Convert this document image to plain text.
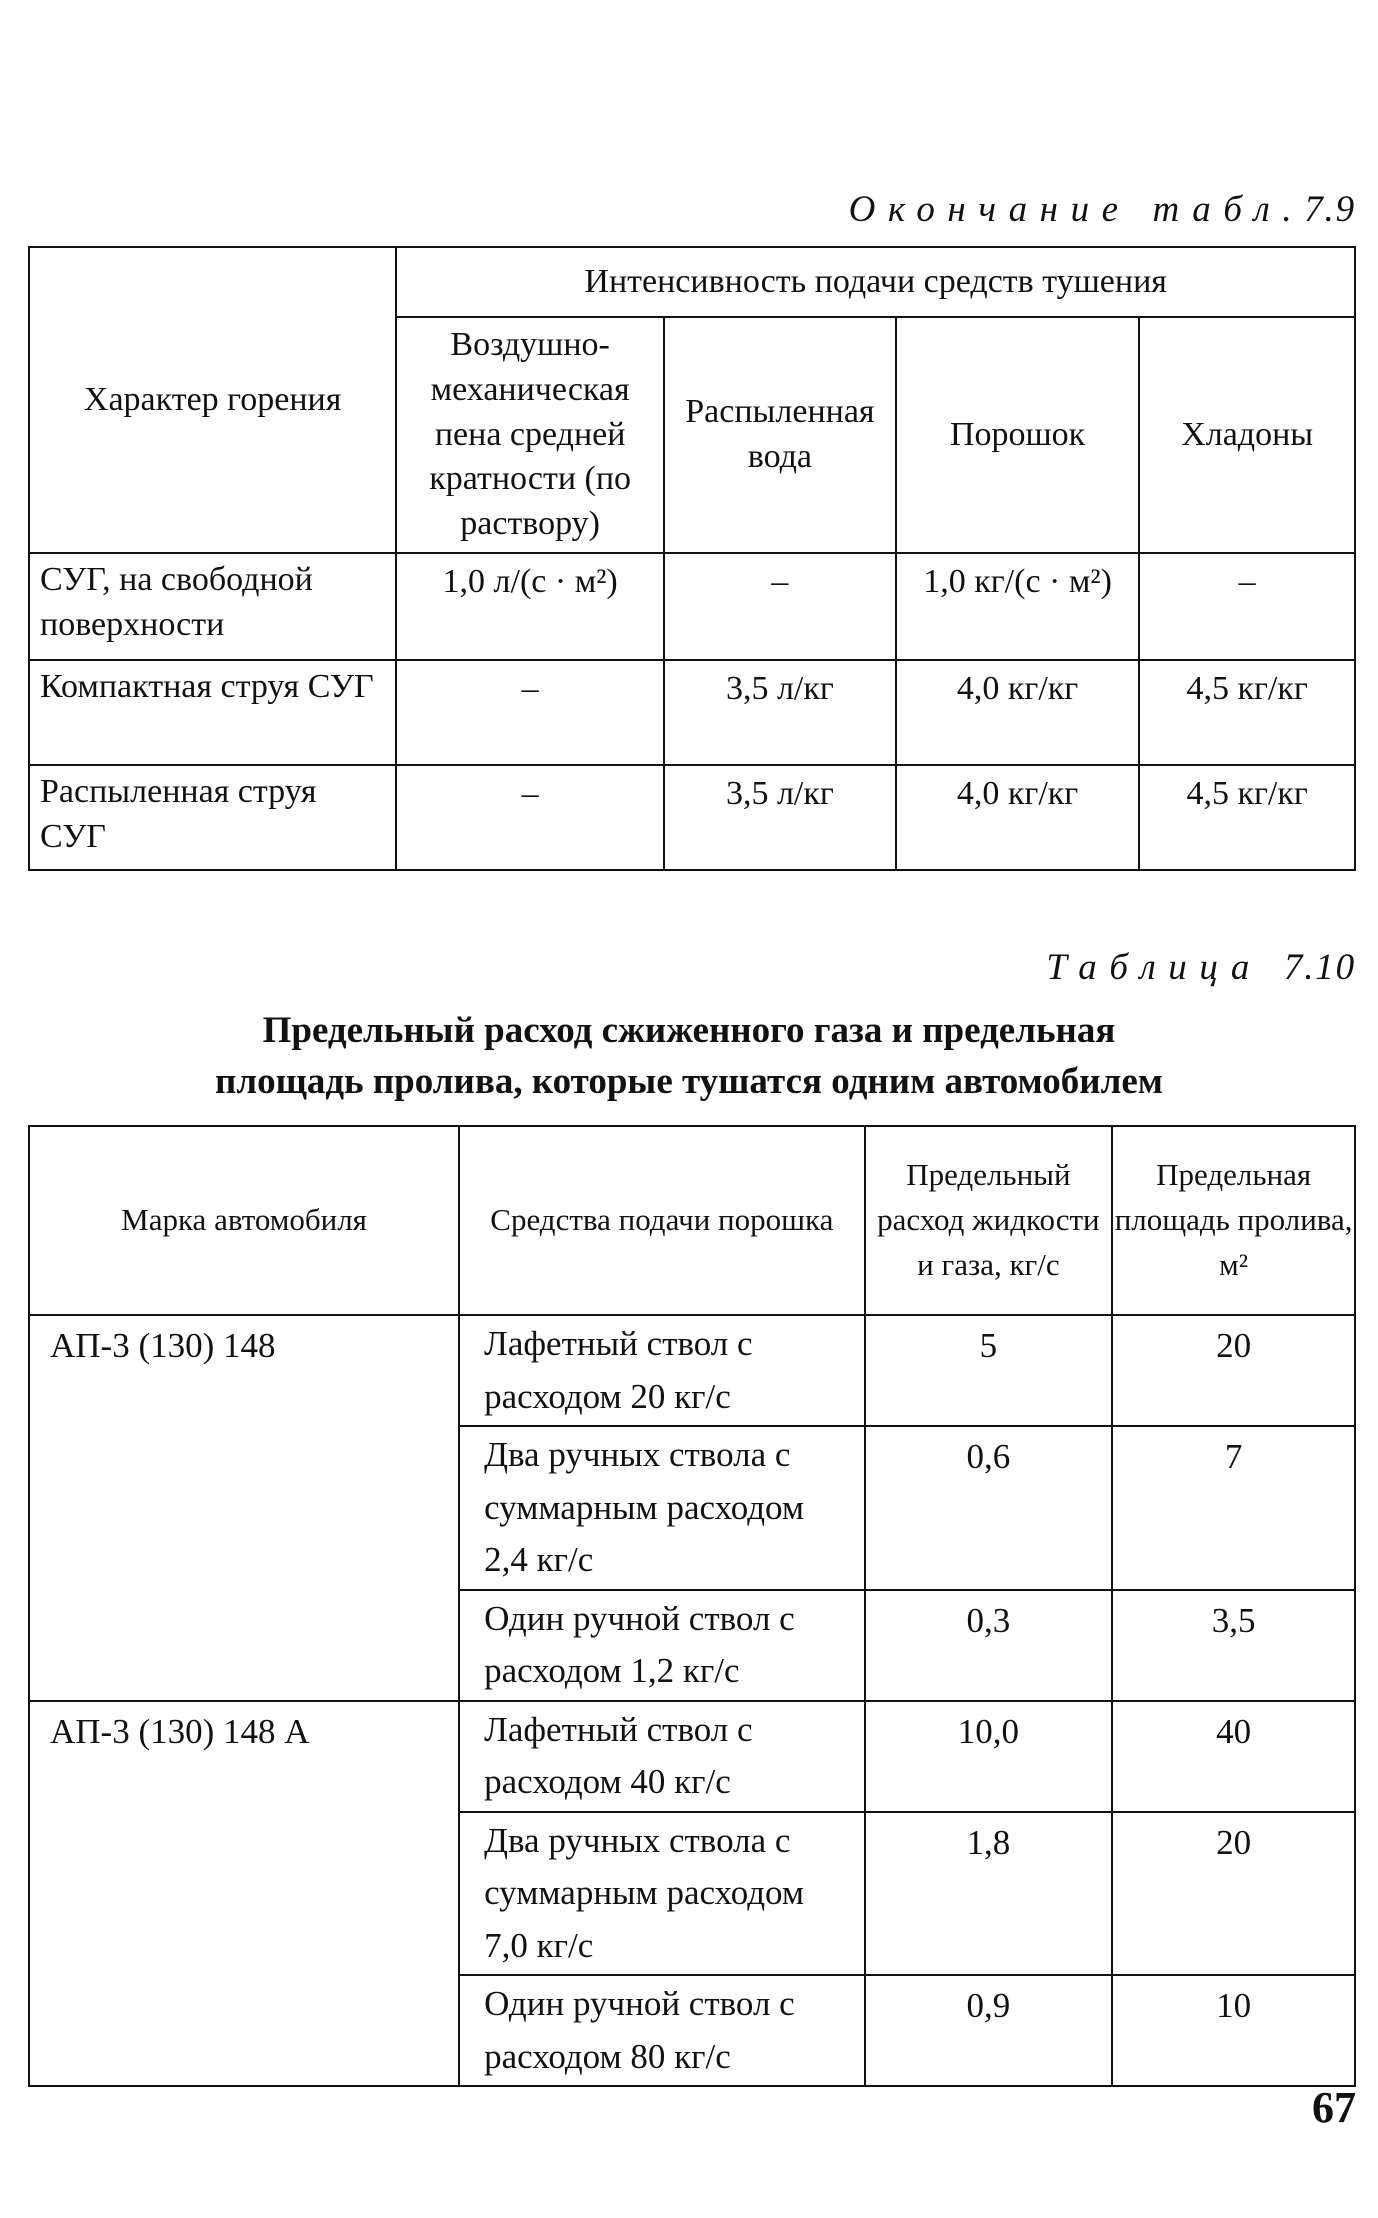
Окончание табл.7.9
Характер горения	Интенсивность подачи средств тушения			
	Воздушно-механическая пена средней кратности (по раствору)	Распыленная вода	Порошок	Хладоны
СУГ, на свободной поверхности	1,0 л/(с · м²)	–	1,0 кг/(с · м²)	–
Компактная струя СУГ	–	3,5 л/кг	4,0 кг/кг	4,5 кг/кг
Распыленная струя СУГ	–	3,5 л/кг	4,0 кг/кг	4,5 кг/кг
Таблица 7.10
Предельный расход сжиженного газа и предельная
площадь пролива, которые тушатся одним автомобилем
Марка автомобиля	Средства подачи порошка	Предельный расход жидкости и газа, кг/с	Предельная площадь пролива, м²
АП-3 (130) 148	Лафетный ствол с расходом 20 кг/с	5	20
	Два ручных ствола с суммарным расходом 2,4 кг/с	0,6	7
	Один ручной ствол с расходом 1,2 кг/с	0,3	3,5
АП-3 (130) 148 А	Лафетный ствол с расходом 40 кг/с	10,0	40
	Два ручных ствола с суммарным расходом 7,0 кг/с	1,8	20
	Один ручной ствол с расходом 80 кг/с	0,9	10
67
